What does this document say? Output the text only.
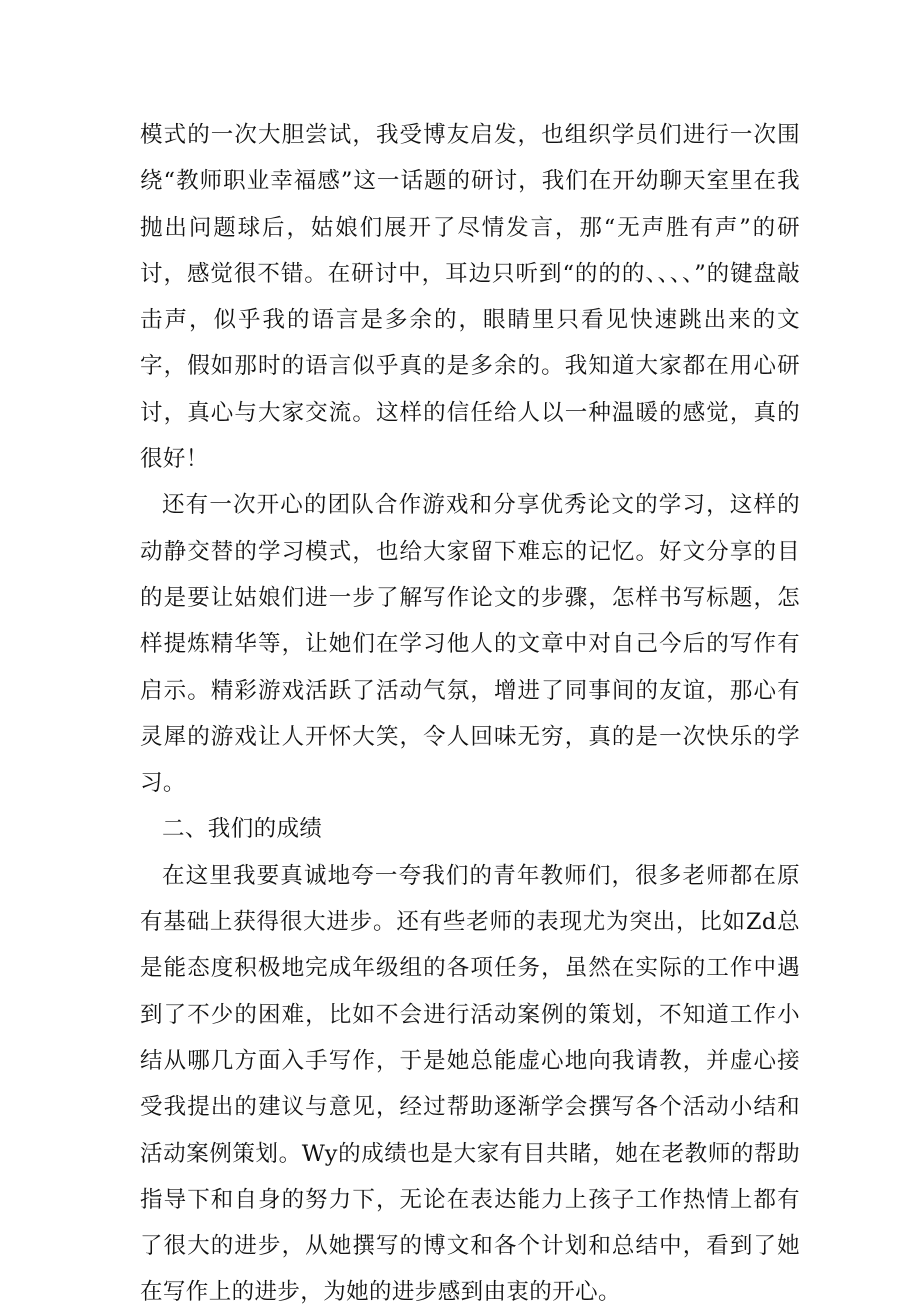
模式的一次大胆尝试，我受博友启发，也组织学员们进行一次围绕“教师职业幸福感”这一话题的研讨，我们在开幼聊天室里在我抛出问题球后，姑娘们展开了尽情发言，那“无声胜有声”的研讨，感觉很不错。在研讨中，耳边只听到“的的的、、、、”的键盘敲击声，似乎我的语言是多余的，眼睛里只看见快速跳出来的文字，假如那时的语言似乎真的是多余的。我知道大家都在用心研讨，真心与大家交流。这样的信任给人以一种温暖的感觉，真的很好！

还有一次开心的团队合作游戏和分享优秀论文的学习，这样的动静交替的学习模式，也给大家留下难忘的记忆。好文分享的目的是要让姑娘们进一步了解写作论文的步骤，怎样书写标题，怎样提炼精华等，让她们在学习他人的文章中对自己今后的写作有启示。精彩游戏活跃了活动气氛，增进了同事间的友谊，那心有灵犀的游戏让人开怀大笑，令人回味无穷，真的是一次快乐的学习。

二、我们的成绩

在这里我要真诚地夸一夸我们的青年教师们，很多老师都在原有基础上获得很大进步。还有些老师的表现尤为突出，比如Zd总是能态度积极地完成年级组的各项任务，虽然在实际的工作中遇到了不少的困难，比如不会进行活动案例的策划，不知道工作小结从哪几方面入手写作，于是她总能虚心地向我请教，并虚心接受我提出的建议与意见，经过帮助逐渐学会撰写各个活动小结和活动案例策划。Wy的成绩也是大家有目共睹，她在老教师的帮助指导下和自身的努力下，无论在表达能力上孩子工作热情上都有了很大的进步，从她撰写的博文和各个计划和总结中，看到了她在写作上的进步，为她的进步感到由衷的开心。
